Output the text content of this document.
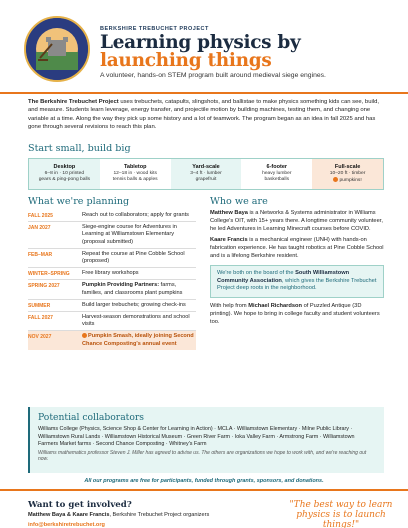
BERKSHIRE TREBUCHET PROJECT
Learning physics by launching things
A volunteer, hands-on STEM program built around medieval siege engines.
The Berkshire Trebuchet Project uses trebuchets, catapults, slingshots, and ballistae to make physics something kids can see, build, and measure. Students learn leverage, energy transfer, and projectile motion by building machines, testing them, and changing one variable at a time. Along the way they pick up some history and a lot of teamwork. The program began as an idea in fall 2025 and has gone through several revisions to reach this plan.
Start small, build big
Desktop
6–8 in · 10 printed
gears & ping-pong balls
Tabletop
12–18 in · wood kits
tennis balls & apples
Yard-scale
3–4 ft · lumber
grapefruit
6-footer
heavy lumber
basketballs
Full-scale
10–20 ft · timber
pumpkins!
What we're planning
FALL 2025	Reach out to collaborators; apply for grants
JAN 2027	Siege-engine course for Adventures in Learning at Williamstown Elementary (proposal submitted)
FEB–MAR	Repeat the course at Pine Cobble School (proposed)
WINTER–SPRING	Free library workshops
SPRING 2027	Pumpkin Providing Partners: farms, families, and classrooms plant pumpkins
SUMMER	Build larger trebuchets; growing check-ins
FALL 2027	Harvest-season demonstrations and school visits
NOV 2027	Pumpkin Smash, ideally joining Second Chance Composting's annual event
Who we are

Matthew Baya is a Networks & Systems administrator in Williams College's OIT, with 15+ years there. A longtime community volunteer, he led Adventures in Learning Minecraft courses before COVID.

Kaare Francis is a mechanical engineer (UNH) with hands-on fabrication experience. He has taught robotics at Pine Cobble School and is a lifelong Berkshire resident.

We're both on the board of the South Williamstown Community Association, which gives the Berkshire Trebuchet Project deep roots in the neighborhood.

With help from Michael Richardson of Puzzled Antique (3D printing). We hope to bring in college faculty and student volunteers too.

Potential collaborators
Williams College (Physics, Science Shop & Center for Learning in Action) · MCLA · Williamstown Elementary · Milne Public Library · Williamstown Rural Lands · Williamstown Historical Museum · Green River Farm · Ioka Valley Farm · Armstrong Farm · Williamstown Farmers Market farms · Second Chance Composting · Whitney's Farm
Williams mathematics professor Steven J. Miller has agreed to advise us. The others are organizations we hope to work with, and we're reaching out now.
All our programs are free for participants, funded through grants, sponsors, and donations.
Want to get involved?
Matthew Baya & Kaare Francis, Berkshire Trebuchet Project organizers
info@berkshiretrebuchet.org
"The best way to learn physics is to launch things!"
